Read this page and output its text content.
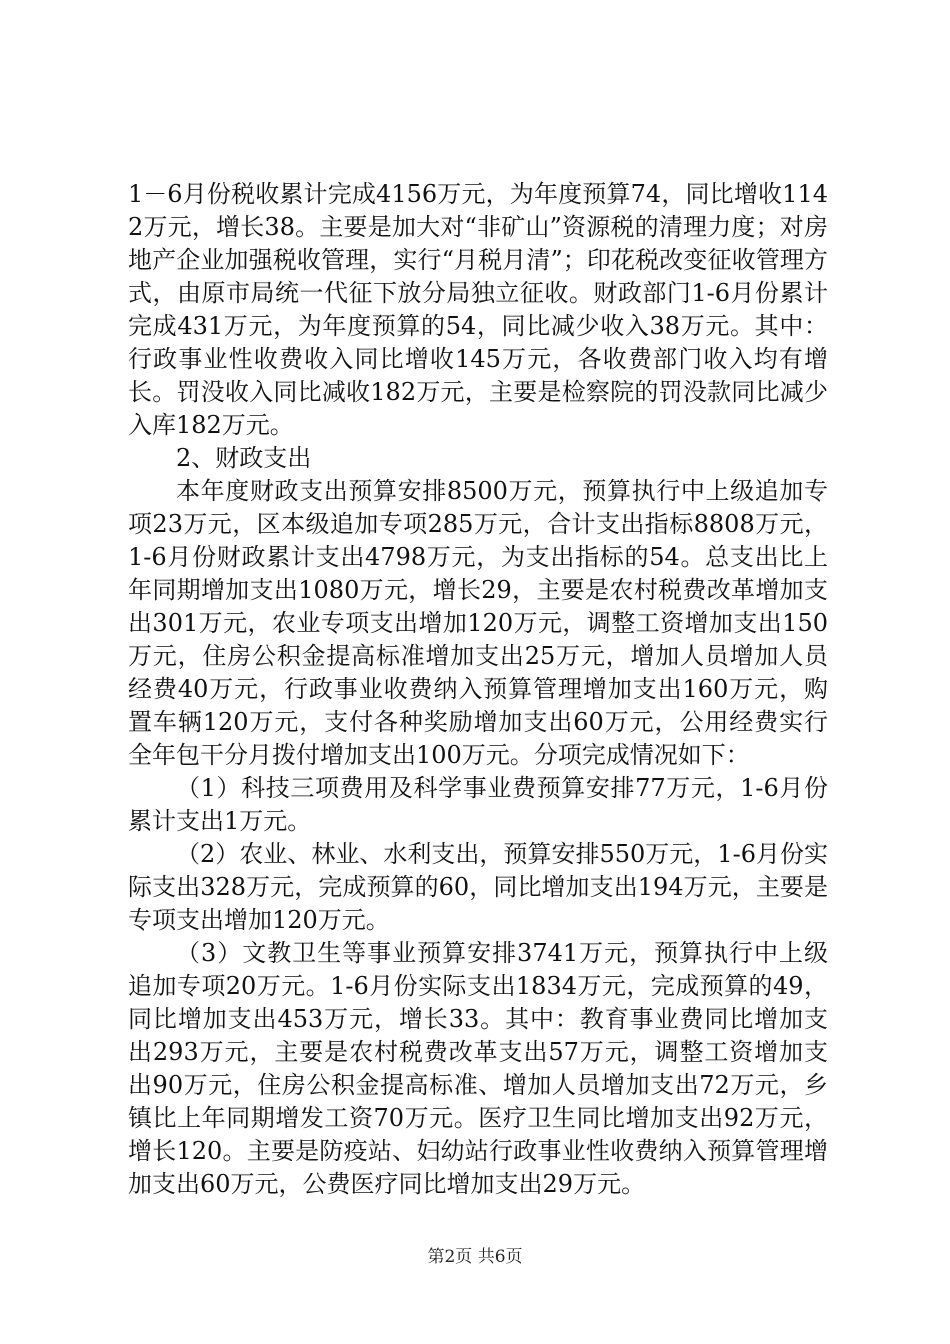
1－6月份税收累计完成4156万元，为年度预算74，同比增收1142万元，增长38。主要是加大对“非矿山”资源税的清理力度；对房地产企业加强税收管理，实行“月税月清”；印花税改变征收管理方式，由原市局统一代征下放分局独立征收。财政部门1-6月份累计完成431万元，为年度预算的54，同比减少收入38万元。其中：行政事业性收费收入同比增收145万元，各收费部门收入均有增长。罚没收入同比减收182万元，主要是检察院的罚没款同比减少入库182万元。

2、财政支出

本年度财政支出预算安排8500万元，预算执行中上级追加专项23万元，区本级追加专项285万元，合计支出指标8808万元，1-6月份财政累计支出4798万元，为支出指标的54。总支出比上年同期增加支出1080万元，增长29，主要是农村税费改革增加支出301万元，农业专项支出增加120万元，调整工资增加支出150万元，住房公积金提高标准增加支出25万元，增加人员增加人员经费40万元，行政事业收费纳入预算管理增加支出160万元，购置车辆120万元，支付各种奖励增加支出60万元，公用经费实行全年包干分月拨付增加支出100万元。分项完成情况如下：

（1）科技三项费用及科学事业费预算安排77万元，1-6月份累计支出1万元。

（2）农业、林业、水利支出，预算安排550万元，1-6月份实际支出328万元，完成预算的60，同比增加支出194万元，主要是专项支出增加120万元。

（3）文教卫生等事业预算安排3741万元，预算执行中上级追加专项20万元。1-6月份实际支出1834万元，完成预算的49，同比增加支出453万元，增长33。其中：教育事业费同比增加支出293万元，主要是农村税费改革支出57万元，调整工资增加支出90万元，住房公积金提高标准、增加人员增加支出72万元，乡镇比上年同期增发工资70万元。医疗卫生同比增加支出92万元，增长120。主要是防疫站、妇幼站行政事业性收费纳入预算管理增加支出60万元，公费医疗同比增加支出29万元。

第2页 共6页
